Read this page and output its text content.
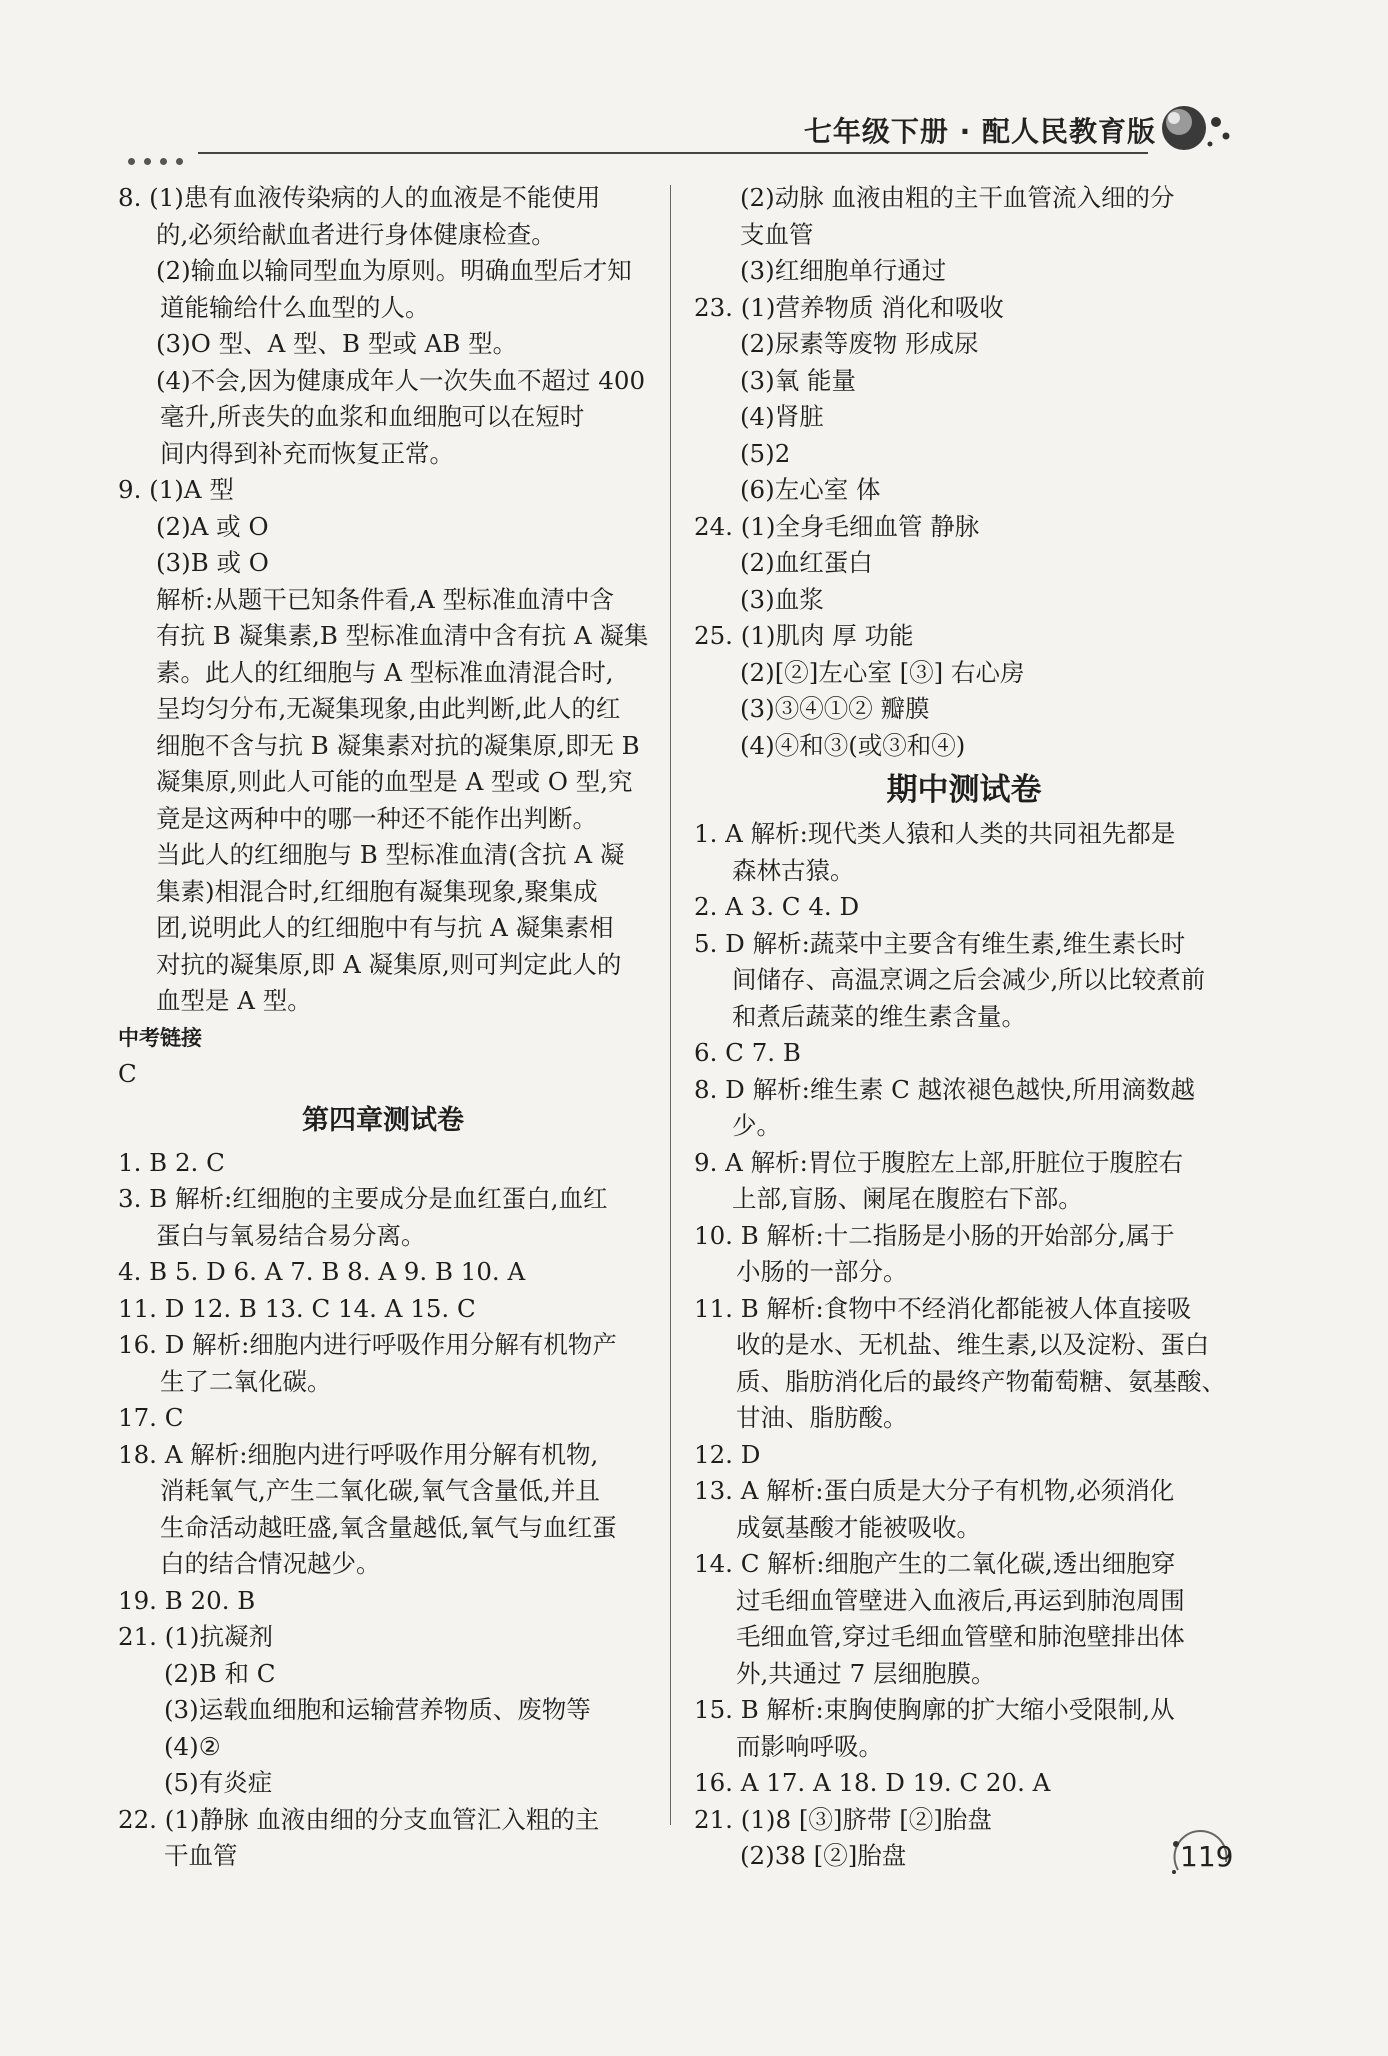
七年级下册 · 配人民教育版
8. (1)患有血液传染病的人的血液是不能使用
的,必须给献血者进行身体健康检查。
(2)输血以输同型血为原则。明确血型后才知
道能输给什么血型的人。
(3)O 型、A 型、B 型或 AB 型。
(4)不会,因为健康成年人一次失血不超过 400
毫升,所丧失的血浆和血细胞可以在短时
间内得到补充而恢复正常。
9. (1)A 型
(2)A 或 O
(3)B 或 O
解析:从题干已知条件看,A 型标准血清中含
有抗 B 凝集素,B 型标准血清中含有抗 A 凝集
素。此人的红细胞与 A 型标准血清混合时,
呈均匀分布,无凝集现象,由此判断,此人的红
细胞不含与抗 B 凝集素对抗的凝集原,即无 B
凝集原,则此人可能的血型是 A 型或 O 型,究
竟是这两种中的哪一种还不能作出判断。
当此人的红细胞与 B 型标准血清(含抗 A 凝
集素)相混合时,红细胞有凝集现象,聚集成
团,说明此人的红细胞中有与抗 A 凝集素相
对抗的凝集原,即 A 凝集原,则可判定此人的
血型是 A 型。
中考链接
C
第四章测试卷
1. B 2. C
3. B 解析:红细胞的主要成分是血红蛋白,血红
蛋白与氧易结合易分离。
4. B 5. D 6. A 7. B 8. A 9. B 10. A
11. D 12. B 13. C 14. A 15. C
16. D 解析:细胞内进行呼吸作用分解有机物产
生了二氧化碳。
17. C
18. A 解析:细胞内进行呼吸作用分解有机物,
消耗氧气,产生二氧化碳,氧气含量低,并且
生命活动越旺盛,氧含量越低,氧气与血红蛋
白的结合情况越少。
19. B 20. B
21. (1)抗凝剂
(2)B 和 C
(3)运载血细胞和运输营养物质、废物等
(4)②
(5)有炎症
22. (1)静脉 血液由细的分支血管汇入粗的主
干血管
(2)动脉 血液由粗的主干血管流入细的分
支血管
(3)红细胞单行通过
23. (1)营养物质 消化和吸收
(2)尿素等废物 形成尿
(3)氧 能量
(4)肾脏
(5)2
(6)左心室 体
24. (1)全身毛细血管 静脉
(2)血红蛋白
(3)血浆
25. (1)肌肉 厚 功能
(2)[②]左心室 [③] 右心房
(3)③④①② 瓣膜
(4)④和③(或③和④)
期中测试卷
1. A 解析:现代类人猿和人类的共同祖先都是
森林古猿。
2. A 3. C 4. D
5. D 解析:蔬菜中主要含有维生素,维生素长时
间储存、高温烹调之后会减少,所以比较煮前
和煮后蔬菜的维生素含量。
6. C 7. B
8. D 解析:维生素 C 越浓褪色越快,所用滴数越
少。
9. A 解析:胃位于腹腔左上部,肝脏位于腹腔右
上部,盲肠、阑尾在腹腔右下部。
10. B 解析:十二指肠是小肠的开始部分,属于
小肠的一部分。
11. B 解析:食物中不经消化都能被人体直接吸
收的是水、无机盐、维生素,以及淀粉、蛋白
质、脂肪消化后的最终产物葡萄糖、氨基酸、
甘油、脂肪酸。
12. D
13. A 解析:蛋白质是大分子有机物,必须消化
成氨基酸才能被吸收。
14. C 解析:细胞产生的二氧化碳,透出细胞穿
过毛细血管壁进入血液后,再运到肺泡周围
毛细血管,穿过毛细血管壁和肺泡壁排出体
外,共通过 7 层细胞膜。
15. B 解析:束胸使胸廓的扩大缩小受限制,从
而影响呼吸。
16. A 17. A 18. D 19. C 20. A
21. (1)8 [③]脐带 [②]胎盘
(2)38 [②]胎盘	119
